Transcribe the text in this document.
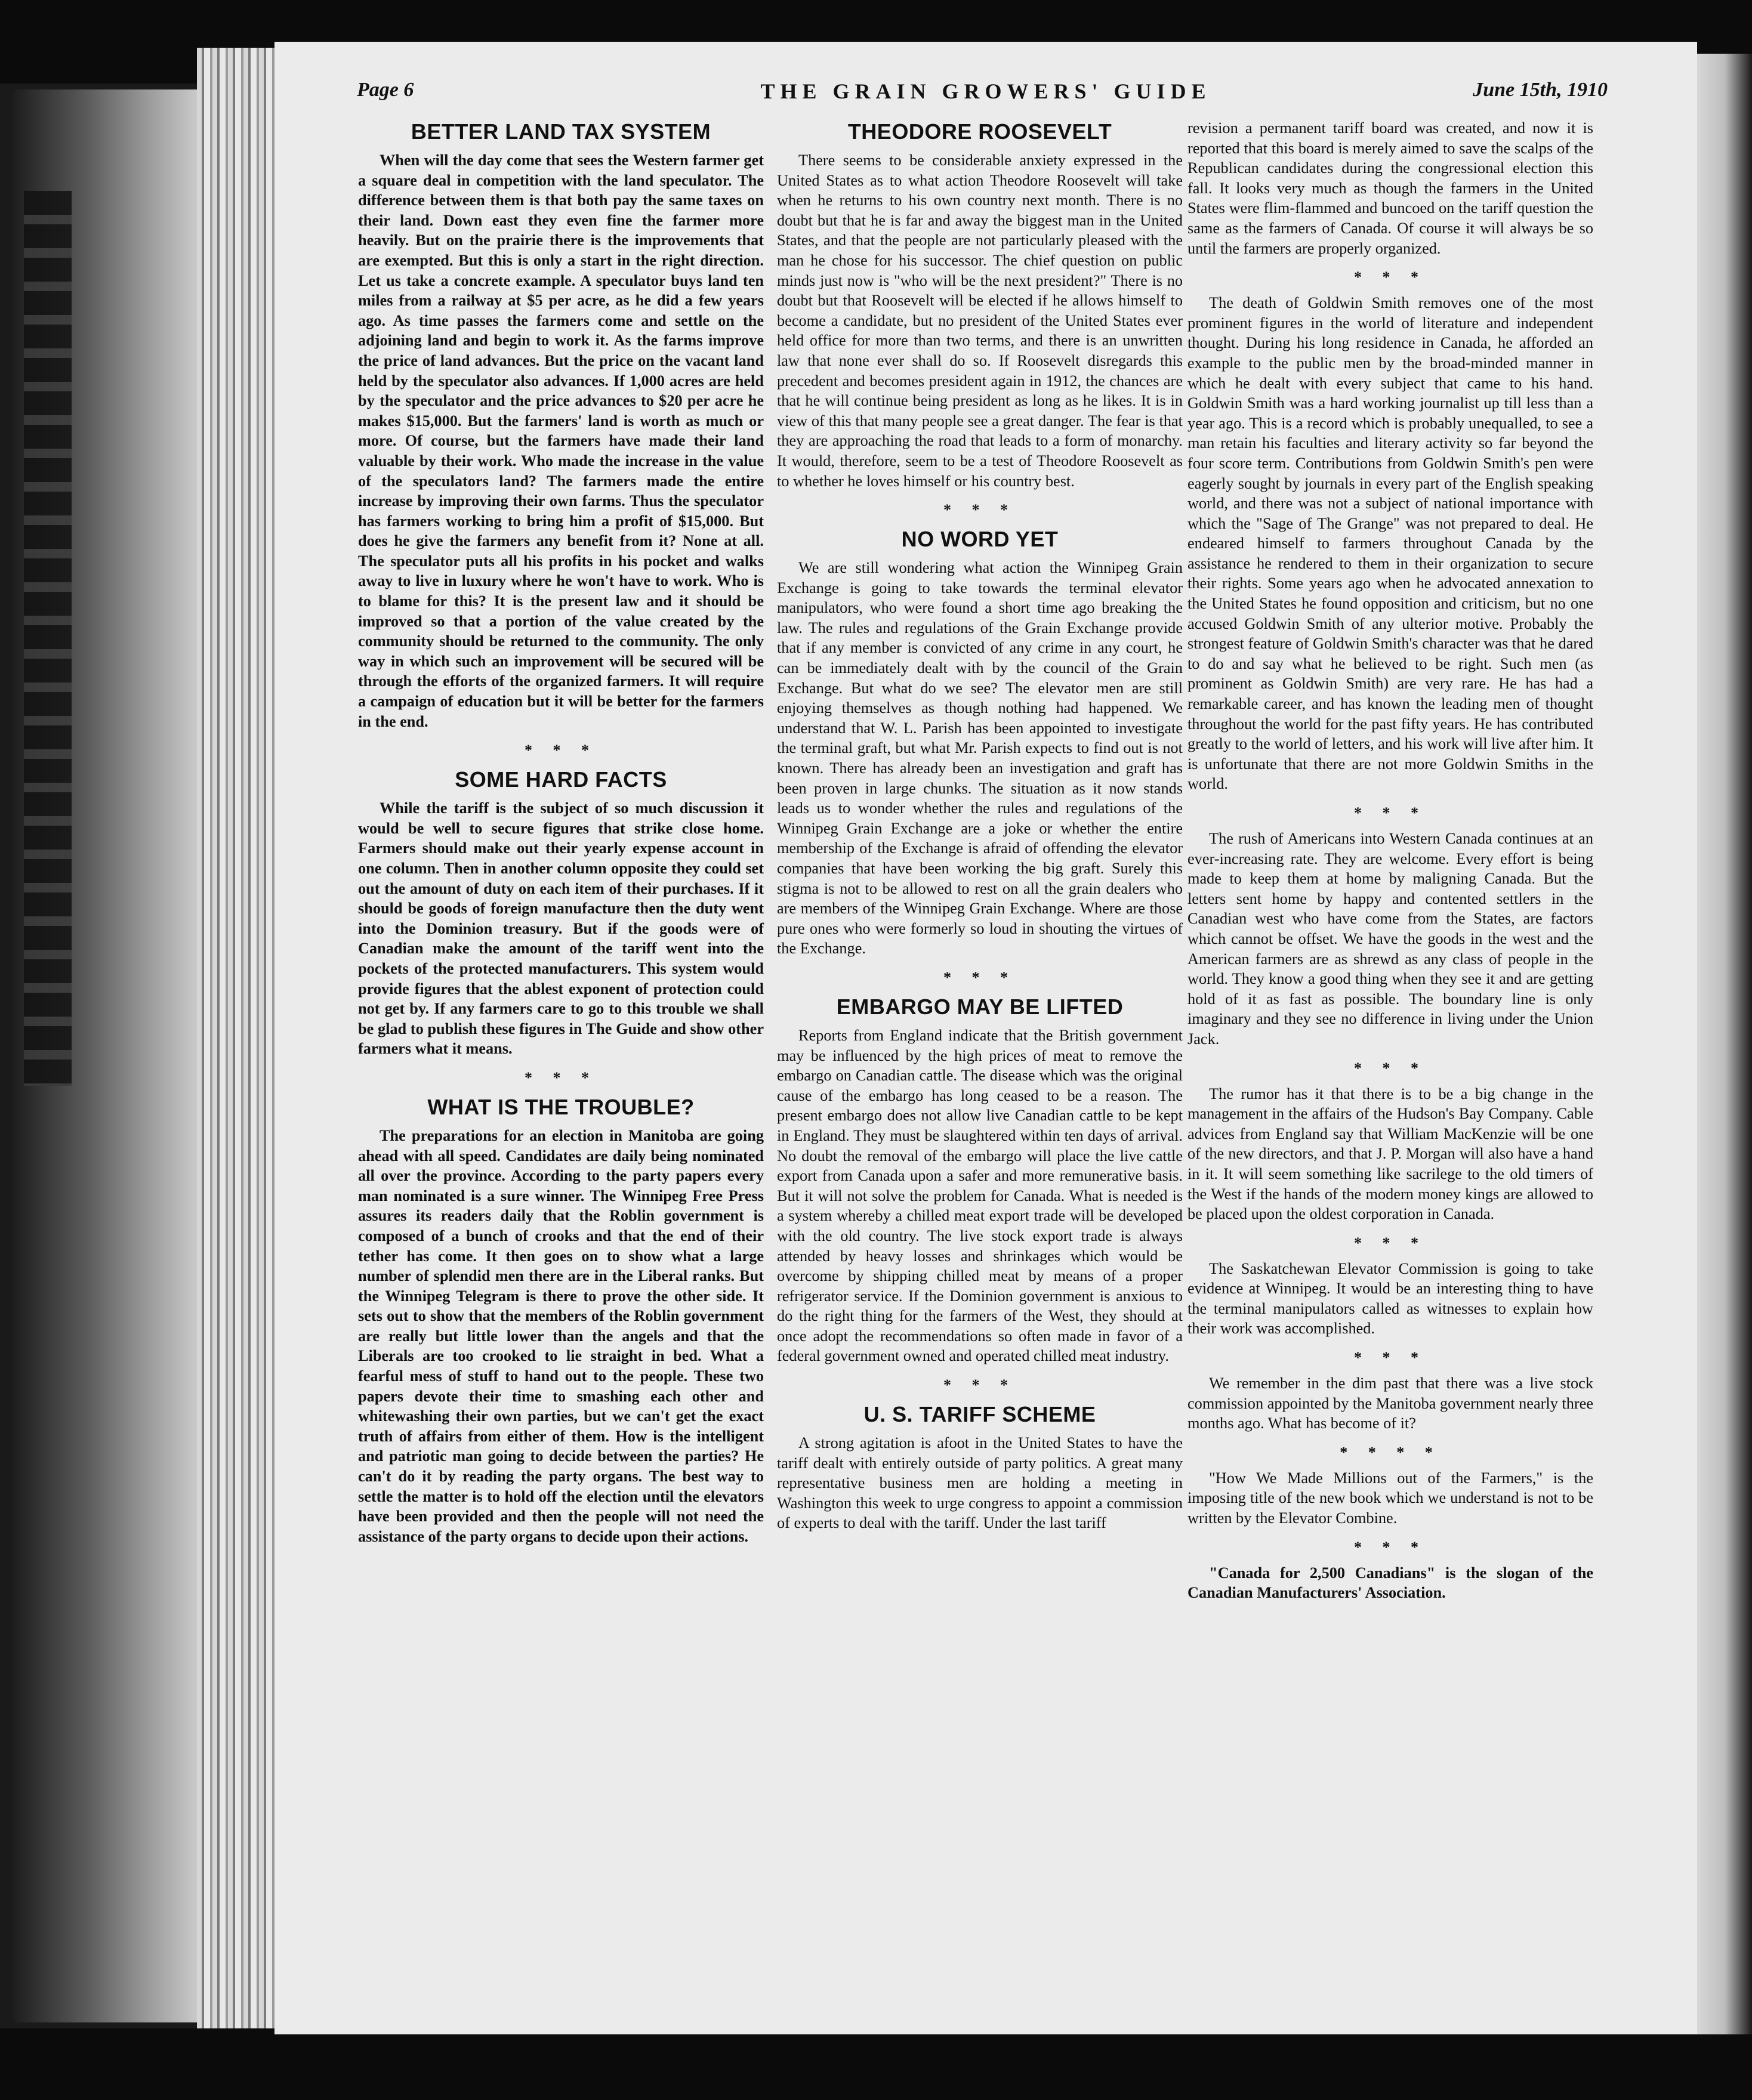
Page 6	THE GRAIN GROWERS' GUIDE	June 15th, 1910
BETTER LAND TAX SYSTEM

When will the day come that sees the Western farmer get a square deal in competition with the land speculator. The difference between them is that both pay the same taxes on their land. Down east they even fine the farmer more heavily. But on the prairie there is the improvements that are exempted. But this is only a start in the right direction. Let us take a concrete example. A speculator buys land ten miles from a railway at $5 per acre, as he did a few years ago. As time passes the farmers come and settle on the adjoining land and begin to work it. As the farms improve the price of land advances. But the price on the vacant land held by the speculator also advances. If 1,000 acres are held by the speculator and the price advances to $20 per acre he makes $15,000. But the farmers' land is worth as much or more. Of course, but the farmers have made their land valuable by their work. Who made the increase in the value of the speculators land? The farmers made the entire increase by improving their own farms. Thus the speculator has farmers working to bring him a profit of $15,000. But does he give the farmers any benefit from it? None at all. The speculator puts all his profits in his pocket and walks away to live in luxury where he won't have to work. Who is to blame for this? It is the present law and it should be improved so that a portion of the value created by the community should be returned to the community. The only way in which such an improvement will be secured will be through the efforts of the organized farmers. It will require a campaign of education but it will be better for the farmers in the end.

* * *
SOME HARD FACTS

While the tariff is the subject of so much discussion it would be well to secure figures that strike close home. Farmers should make out their yearly expense account in one column. Then in another column opposite they could set out the amount of duty on each item of their purchases. If it should be goods of foreign manufacture then the duty went into the Dominion treasury. But if the goods were of Canadian make the amount of the tariff went into the pockets of the protected manufacturers. This system would provide figures that the ablest exponent of protection could not get by. If any farmers care to go to this trouble we shall be glad to publish these figures in The Guide and show other farmers what it means.

* * *
WHAT IS THE TROUBLE?

The preparations for an election in Manitoba are going ahead with all speed. Candidates are daily being nominated all over the province. According to the party papers every man nominated is a sure winner. The Winnipeg Free Press assures its readers daily that the Roblin government is composed of a bunch of crooks and that the end of their tether has come. It then goes on to show what a large number of splendid men there are in the Liberal ranks. But the Winnipeg Telegram is there to prove the other side. It sets out to show that the members of the Roblin government are really but little lower than the angels and that the Liberals are too crooked to lie straight in bed. What a fearful mess of stuff to hand out to the people. These two papers devote their time to smashing each other and whitewashing their own parties, but we can't get the exact truth of affairs from either of them. How is the intelligent and patriotic man going to decide between the parties? He can't do it by reading the party organs. The best way to settle the matter is to hold off the election until the elevators have been provided and then the people will not need the assistance of the party organs to decide upon their actions.

THEODORE ROOSEVELT

There seems to be considerable anxiety expressed in the United States as to what action Theodore Roosevelt will take when he returns to his own country next month. There is no doubt but that he is far and away the biggest man in the United States, and that the people are not particularly pleased with the man he chose for his successor. The chief question on public minds just now is "who will be the next president?" There is no doubt but that Roosevelt will be elected if he allows himself to become a candidate, but no president of the United States ever held office for more than two terms, and there is an unwritten law that none ever shall do so. If Roosevelt disregards this precedent and becomes president again in 1912, the chances are that he will continue being president as long as he likes. It is in view of this that many people see a great danger. The fear is that they are approaching the road that leads to a form of monarchy. It would, therefore, seem to be a test of Theodore Roosevelt as to whether he loves himself or his country best.

* * *
NO WORD YET

We are still wondering what action the Winnipeg Grain Exchange is going to take towards the terminal elevator manipulators, who were found a short time ago breaking the law. The rules and regulations of the Grain Exchange provide that if any member is convicted of any crime in any court, he can be immediately dealt with by the council of the Grain Exchange. But what do we see? The elevator men are still enjoying themselves as though nothing had happened. We understand that W. L. Parish has been appointed to investigate the terminal graft, but what Mr. Parish expects to find out is not known. There has already been an investigation and graft has been proven in large chunks. The situation as it now stands leads us to wonder whether the rules and regulations of the Winnipeg Grain Exchange are a joke or whether the entire membership of the Exchange is afraid of offending the elevator companies that have been working the big graft. Surely this stigma is not to be allowed to rest on all the grain dealers who are members of the Winnipeg Grain Exchange. Where are those pure ones who were formerly so loud in shouting the virtues of the Exchange.

* * *
EMBARGO MAY BE LIFTED

Reports from England indicate that the British government may be influenced by the high prices of meat to remove the embargo on Canadian cattle. The disease which was the original cause of the embargo has long ceased to be a reason. The present embargo does not allow live Canadian cattle to be kept in England. They must be slaughtered within ten days of arrival. No doubt the removal of the embargo will place the live cattle export from Canada upon a safer and more remunerative basis. But it will not solve the problem for Canada. What is needed is a system whereby a chilled meat export trade will be developed with the old country. The live stock export trade is always attended by heavy losses and shrinkages which would be overcome by shipping chilled meat by means of a proper refrigerator service. If the Dominion government is anxious to do the right thing for the farmers of the West, they should at once adopt the recommendations so often made in favor of a federal government owned and operated chilled meat industry.

* * *
U. S. TARIFF SCHEME

A strong agitation is afoot in the United States to have the tariff dealt with entirely outside of party politics. A great many representative business men are holding a meeting in Washington this week to urge congress to appoint a commission of experts to deal with the tariff. Under the last tariff

revision a permanent tariff board was created, and now it is reported that this board is merely aimed to save the scalps of the Republican candidates during the congressional election this fall. It looks very much as though the farmers in the United States were flim-flammed and buncoed on the tariff question the same as the farmers of Canada. Of course it will always be so until the farmers are properly organized.

* * *

The death of Goldwin Smith removes one of the most prominent figures in the world of literature and independent thought. During his long residence in Canada, he afforded an example to the public men by the broad-minded manner in which he dealt with every subject that came to his hand. Goldwin Smith was a hard working journalist up till less than a year ago. This is a record which is probably unequalled, to see a man retain his faculties and literary activity so far beyond the four score term. Contributions from Goldwin Smith's pen were eagerly sought by journals in every part of the English speaking world, and there was not a subject of national importance with which the "Sage of The Grange" was not prepared to deal. He endeared himself to farmers throughout Canada by the assistance he rendered to them in their organization to secure their rights. Some years ago when he advocated annexation to the United States he found opposition and criticism, but no one accused Goldwin Smith of any ulterior motive. Probably the strongest feature of Goldwin Smith's character was that he dared to do and say what he believed to be right. Such men (as prominent as Goldwin Smith) are very rare. He has had a remarkable career, and has known the leading men of thought throughout the world for the past fifty years. He has contributed greatly to the world of letters, and his work will live after him. It is unfortunate that there are not more Goldwin Smiths in the world.

* * *

The rush of Americans into Western Canada continues at an ever-increasing rate. They are welcome. Every effort is being made to keep them at home by maligning Canada. But the letters sent home by happy and contented settlers in the Canadian west who have come from the States, are factors which cannot be offset. We have the goods in the west and the American farmers are as shrewd as any class of people in the world. They know a good thing when they see it and are getting hold of it as fast as possible. The boundary line is only imaginary and they see no difference in living under the Union Jack.

* * *

The rumor has it that there is to be a big change in the management in the affairs of the Hudson's Bay Company. Cable advices from England say that William MacKenzie will be one of the new directors, and that J. P. Morgan will also have a hand in it. It will seem something like sacrilege to the old timers of the West if the hands of the modern money kings are allowed to be placed upon the oldest corporation in Canada.

* * *

The Saskatchewan Elevator Commission is going to take evidence at Winnipeg. It would be an interesting thing to have the terminal manipulators called as witnesses to explain how their work was accomplished.

* * *

We remember in the dim past that there was a live stock commission appointed by the Manitoba government nearly three months ago. What has become of it?

* * * *

"How We Made Millions out of the Farmers," is the imposing title of the new book which we understand is not to be written by the Elevator Combine.

* * *

"Canada for 2,500 Canadians" is the slogan of the Canadian Manufacturers' Association.
